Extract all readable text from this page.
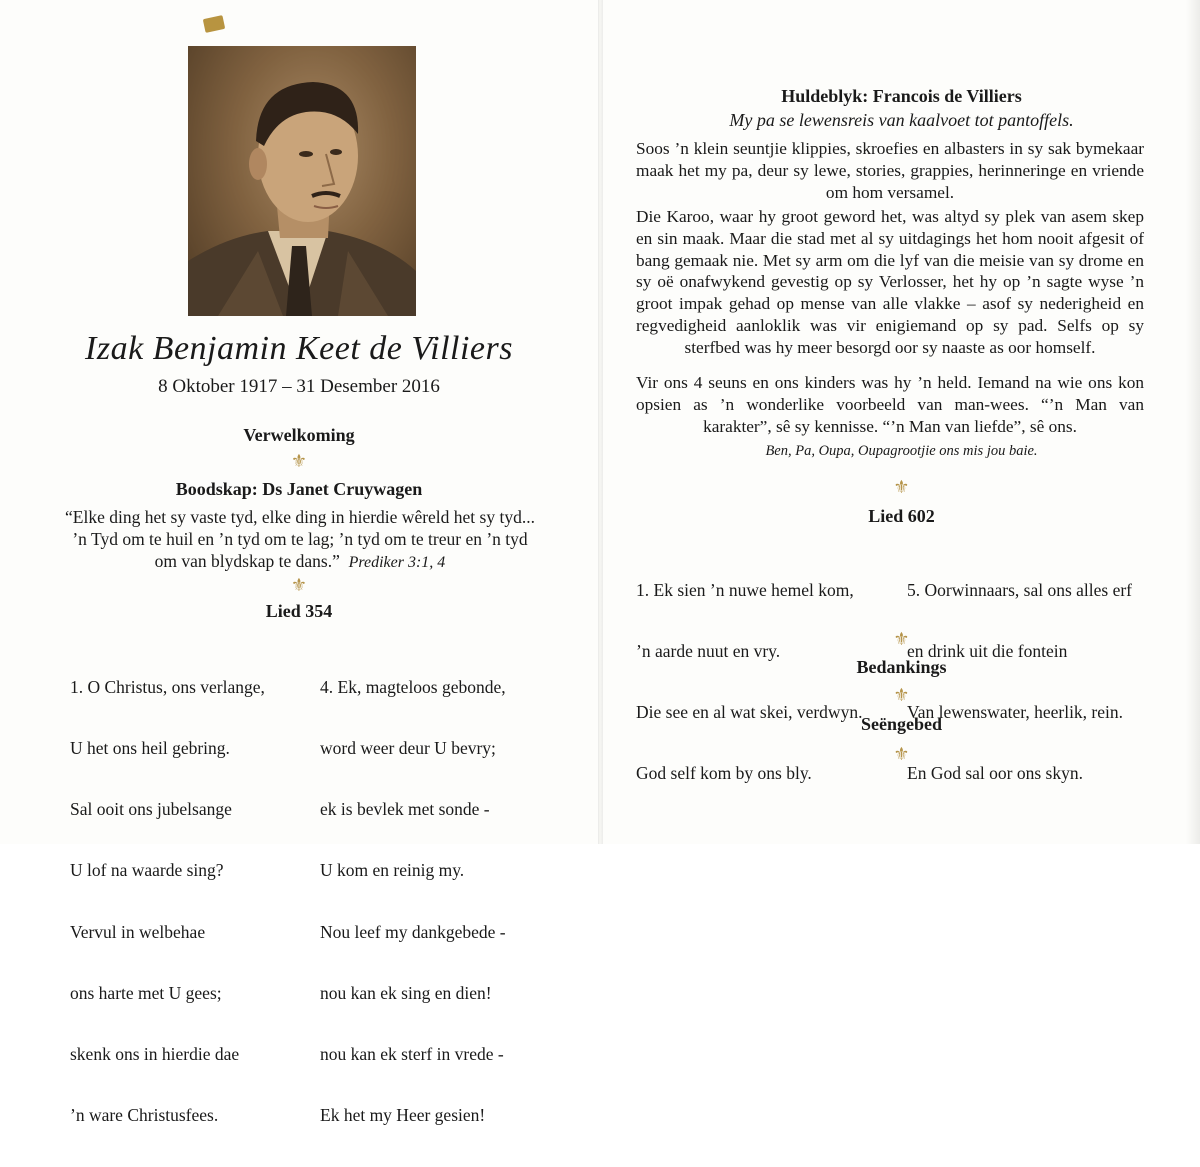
Izak Benjamin Keet de Villiers
8 Oktober 1917 – 31 Desember 2016
Verwelkoming
⚜
Boodskap: Ds Janet Cruywagen
“Elke ding het sy vaste tyd, elke ding in hierdie wêreld het sy tyd...
’n Tyd om te huil en ’n tyd om te lag; ’n tyd om te treur en ’n tyd
om van blydskap te dans.” Prediker 3:1, 4
⚜
Lied 354

1. O Christus, ons verlange,

U het ons heil gebring.

Sal ooit ons jubelsange

U lof na waarde sing?

Vervul in welbehae

ons harte met U gees;

skenk ons in hierdie dae

’n ware Christusfees.

4. Ek, magteloos gebonde,

word weer deur U bevry;

ek is bevlek met sonde -

U kom en reinig my.

Nou leef my dankgebede -

nou kan ek sing en dien!

nou kan ek sterf in vrede -

Ek het my Heer gesien!

Huldeblyk: Francois de Villiers
My pa se lewensreis van kaalvoet tot pantoffels.
Soos ’n klein seuntjie klippies, skroefies en albasters in sy sak bymekaar maak het my pa, deur sy lewe, stories, grappies, herinneringe en vriende om hom versamel.
Die Karoo, waar hy groot geword het, was altyd sy plek van asem skep en sin maak. Maar die stad met al sy uitdagings het hom nooit afgesit of bang gemaak nie. Met sy arm om die lyf van die meisie van sy drome en sy oë onafwykend gevestig op sy Verlosser, het hy op ’n sagte wyse ’n groot impak gehad op mense van alle vlakke – asof sy nederigheid en regvedigheid aanloklik was vir enigiemand op sy pad. Selfs op sy sterfbed was hy meer besorgd oor sy naaste as oor homself.
Vir ons 4 seuns en ons kinders was hy ’n held. Iemand na wie ons kon opsien as ’n wonderlike voorbeeld van man-wees. “’n Man van karakter”, sê sy kennisse. “’n Man van liefde”, sê ons.
Ben, Pa, Oupa, Oupagrootjie ons mis jou baie.
⚜
Lied 602

1. Ek sien ’n nuwe hemel kom,

’n aarde nuut en vry.

Die see en al wat skei, verdwyn.

God self kom by ons bly.

5. Oorwinnaars, sal ons alles erf

en drink uit die fontein

Van lewenswater, heerlik, rein.

En God sal oor ons skyn.

⚜
Bedankings
⚜
Seëngebed
⚜
